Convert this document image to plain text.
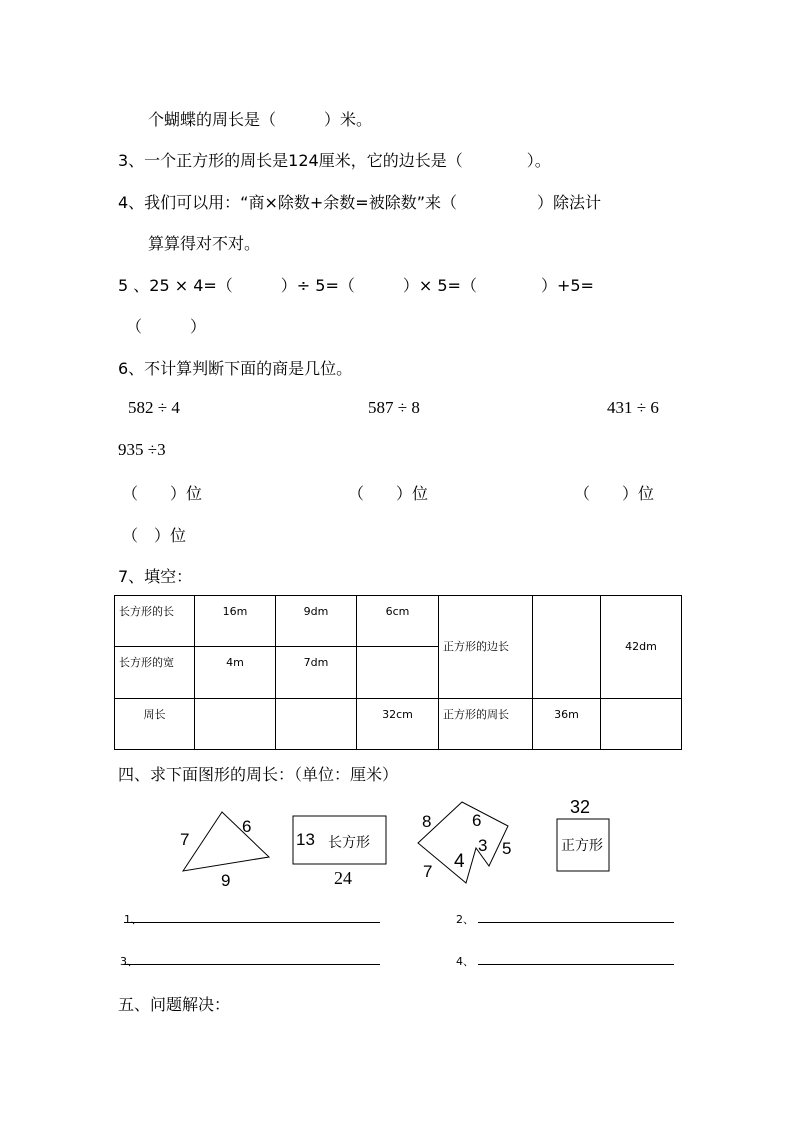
个蝴蝶的周长是（　　　）米。
3、一个正方形的周长是124厘米，它的边长是（　　　　）。
4、我们可以用：“商×除数+余数=被除数”来（　　　　　）除法计
算算得对不对。
5 、25 × 4=（　　　）÷ 5=（　　　）× 5=（　　　　）+5=
（　　　）
6、不计算判断下面的商是几位。
582 ÷ 4	587 ÷ 8	431 ÷ 6
935 ÷3
（　　）位	（　　）位	（　　）位
（　）位
7、填空：
长方形的长	16m	9dm	6cm	正方形的边长		42dm
长方形的宽	4m	7dm				
周长			32cm	正方形的周长	36m	
四、求下面图形的周长：（单位：厘米）
7
6
9
13 长方形
24
8 6
3 5
4
7
32
正方形
1、	2、
3、	4、
五、问题解决：
